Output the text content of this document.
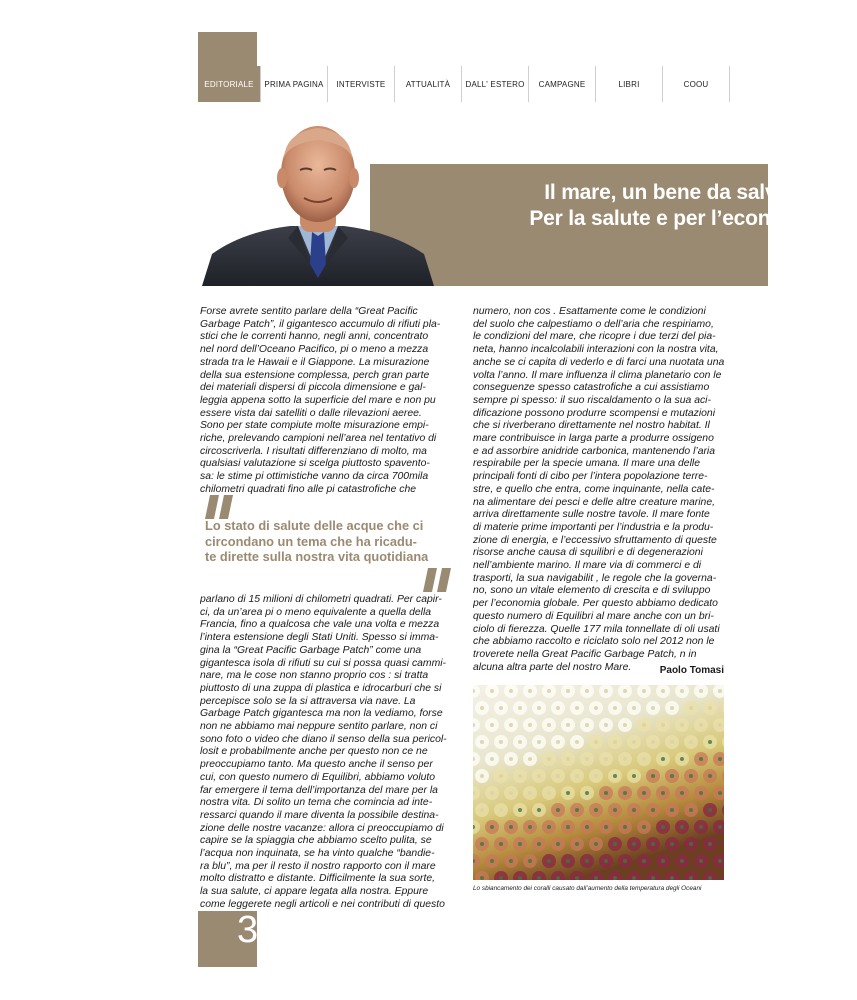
EDITORIALE PRIMA PAGINA INTERVISTE	ATTUALITÀ DALL' ESTERO CAMPAGNE	LIBRI	COOU
Il mare, un bene da salvare.
Per la salute e per l’economa
Forse avrete sentito parlare della “Great Pacific
Garbage Patch”, il gigantesco accumulo di rifiuti pla-
stici che le correnti hanno, negli anni, concentrato
nel nord dell’Oceano Pacifico, pi o meno a mezza
strada tra le Hawaii e il Giappone. La misurazione
della sua estensione complessa, perch gran parte
dei materiali dispersi di piccola dimensione e gal-
leggia appena sotto la superficie del mare e non pu
essere vista dai satelliti o dalle rilevazioni aeree.
Sono per state compiute molte misurazione empi-
riche, prelevando campioni nell’area nel tentativo di
circoscriverla. I risultati differenziano di molto, ma
qualsiasi valutazione si scelga piuttosto spavento-
sa: le stime pi ottimistiche vanno da circa 700mila
chilometri quadrati fino alle pi catastrofiche che
Lo stato di salute delle acque che ci
circondano un tema che ha ricadu-
te dirette sulla nostra vita quotidiana
parlano di 15 milioni di chilometri quadrati. Per capir-
ci, da un’area pi o meno equivalente a quella della
Francia, fino a qualcosa che vale una volta e mezza
l’intera estensione degli Stati Uniti. Spesso si imma-
gina la “Great Pacific Garbage Patch” come una
gigantesca isola di rifiuti su cui si possa quasi cammi-
nare, ma le cose non stanno proprio cos : si tratta
piuttosto di una zuppa di plastica e idrocarburi che si
percepisce solo se la si attraversa via nave. La
Garbage Patch gigantesca ma non la vediamo, forse
non ne abbiamo mai neppure sentito parlare, non ci
sono foto o video che diano il senso della sua pericol-
losit e probabilmente anche per questo non ce ne
preoccupiamo tanto. Ma questo anche il senso per
cui, con questo numero di Equilibri, abbiamo voluto
far emergere il tema dell’importanza del mare per la
nostra vita. Di solito un tema che comincia ad inte-
ressarci quando il mare diventa la possibile destina-
zione delle nostre vacanze: allora ci preoccupiamo di
capire se la spiaggia che abbiamo scelto pulita, se
l’acqua non inquinata, se ha vinto qualche “bandie-
ra blu”, ma per il resto il nostro rapporto con il mare
molto distratto e distante. Difficilmente la sua sorte,
la sua salute, ci appare legata alla nostra. Eppure
come leggerete negli articoli e nei contributi di questo
numero, non cos . Esattamente come le condizioni
del suolo che calpestiamo o dell’aria che respiriamo,
le condizioni del mare, che ricopre i due terzi del pia-
neta, hanno incalcolabili interazioni con la nostra vita,
anche se ci capita di vederlo e di farci una nuotata una
volta l’anno. Il mare influenza il clima planetario con le
conseguenze spesso catastrofiche a cui assistiamo
sempre pi spesso: il suo riscaldamento o la sua aci-
dificazione possono produrre scompensi e mutazioni
che si riverberano direttamente nel nostro habitat. Il
mare contribuisce in larga parte a produrre ossigeno
e ad assorbire anidride carbonica, mantenendo l’aria
respirabile per la specie umana. Il mare una delle
principali fonti di cibo per l’intera popolazione terre-
stre, e quello che entra, come inquinante, nella cate-
na alimentare dei pesci e delle altre creature marine,
arriva direttamente sulle nostre tavole. Il mare fonte
di materie prime importanti per l’industria e la produ-
zione di energia, e l’eccessivo sfruttamento di queste
risorse anche causa di squilibri e di degenerazioni
nell’ambiente marino. Il mare via di commerci e di
trasporti, la sua navigabilit , le regole che la governa-
no, sono un vitale elemento di crescita e di sviluppo
per l’economia globale. Per questo abbiamo dedicato
questo numero di Equilibri al mare anche con un bri-
ciolo di fierezza. Quelle 177 mila tonnellate di oli usati
che abbiamo raccolto e riciclato solo nel 2012 non le
troverete nella Great Pacific Garbage Patch, n in
alcuna altra parte del nostro Mare.	Paolo Tomasi
Lo sbiancamento dei coralli causato dall’aumento della temperatura degli Oceani
3
